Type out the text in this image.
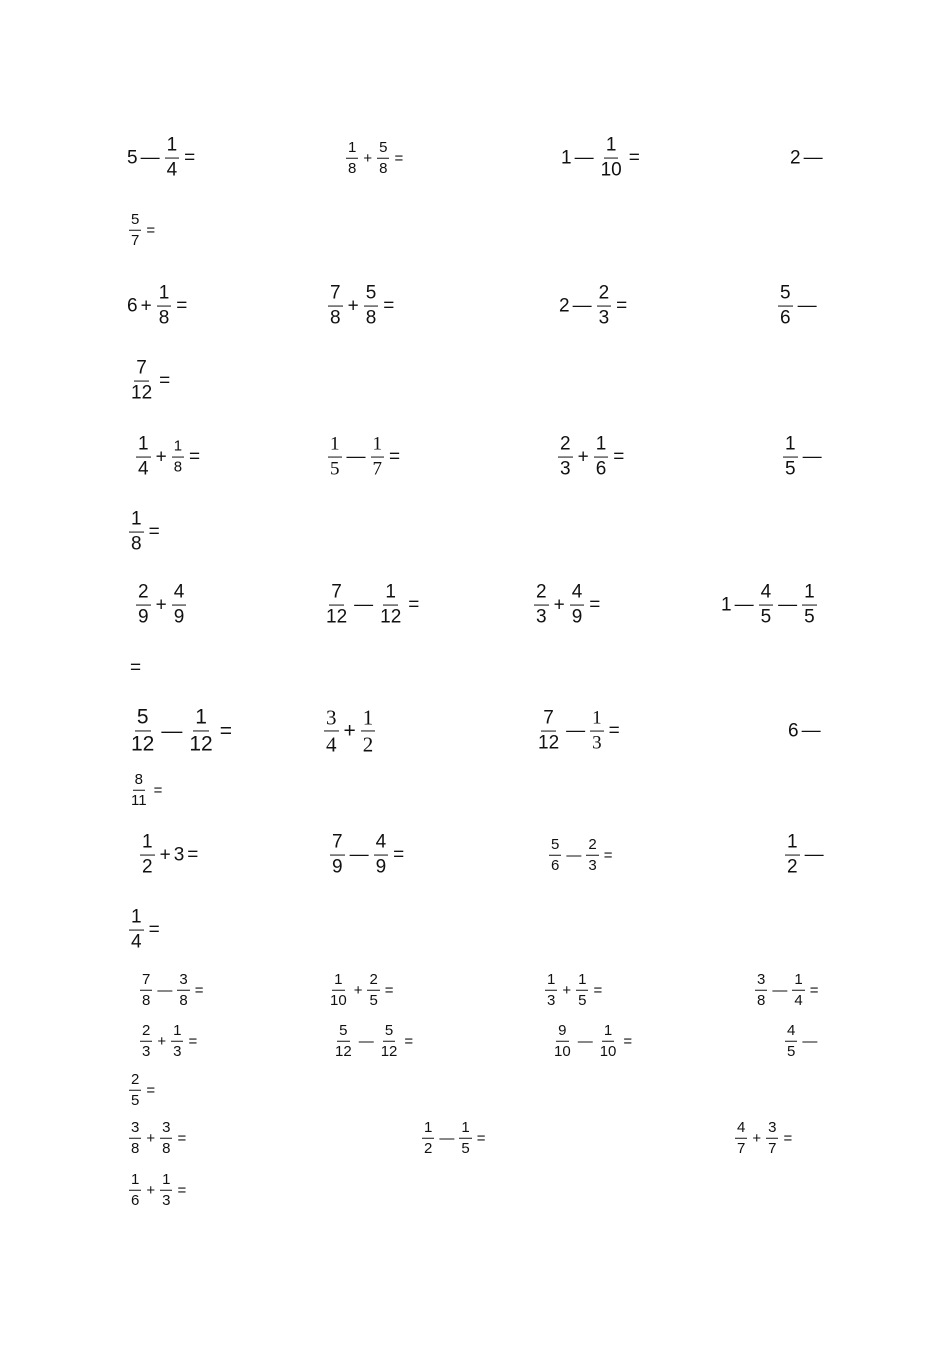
5 — $\frac{1}{4}$ =	$\frac{1}{8} + \frac{5}{8}$ =	1 — $\frac{1}{10}$ =	2 —
$\frac{5}{7}$ =
$6 + \frac{1}{8}$ =	$\frac{7}{8} + \frac{5}{8}$ =	2 — $\frac{2}{3}$ =	$\frac{5}{6}$ —
$\frac{7}{12}$ =
$\frac{1}{4} + \frac{1}{8}$ =	$\frac{1}{5}$ — $\frac{1}{7}$ =	$\frac{2}{3} + \frac{1}{6}$ =	$\frac{1}{5}$ —
$\frac{1}{8}$ =
$\frac{2}{9} + \frac{4}{9}$	$\frac{7}{12}$ — $\frac{1}{12}$ =	$\frac{2}{3} + \frac{4}{9}$ =	1 — $\frac{4}{5}$ — $\frac{1}{5}$
=
$\frac{5}{12}$ — $\frac{1}{12}$ =	$\frac{3}{4} + \frac{1}{2}$	$\frac{7}{12}$ — $\frac{1}{3}$ =	6 —
$\frac{8}{11}$ =
$\frac{1}{2} + 3$ =	$\frac{7}{9}$ — $\frac{4}{9}$ =	$\frac{5}{6}$ — $\frac{2}{3}$ =	$\frac{1}{2}$ —
$\frac{1}{4}$ =
$\frac{7}{8}$ — $\frac{3}{8}$ =	$\frac{1}{10} + \frac{2}{5}$ =	$\frac{1}{3} + \frac{1}{5}$ =	$\frac{3}{8}$ — $\frac{1}{4}$ =
$\frac{2}{3} + \frac{1}{3}$ =	$\frac{5}{12}$ — $\frac{5}{12}$ =	$\frac{9}{10}$ — $\frac{1}{10}$ =	$\frac{4}{5}$ —
$\frac{2}{5}$ =
$\frac{3}{8} + \frac{3}{8}$ =	$\frac{1}{2}$ — $\frac{1}{5}$ =	$\frac{4}{7} + \frac{3}{7}$ =
$\frac{1}{6} + \frac{1}{3}$ =
